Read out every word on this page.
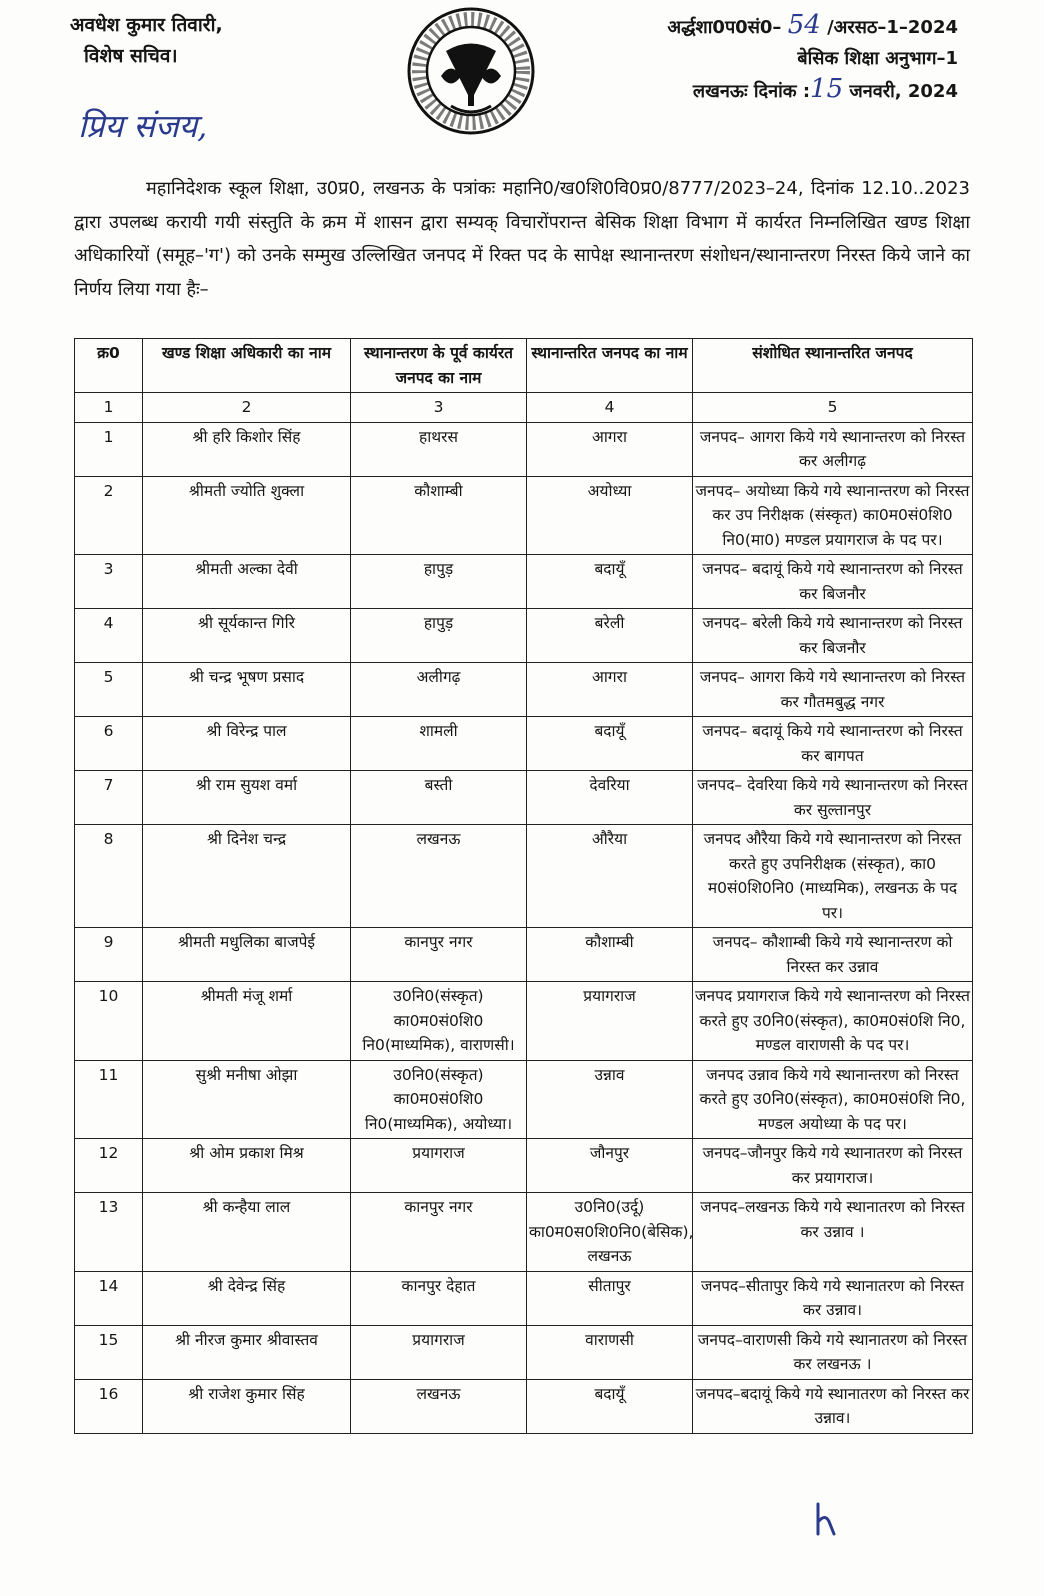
अवधेश कुमार तिवारी,
विशेष सचिव।
अर्द्धशा0प0सं0– 54 /अरसठ–1–2024
बेसिक शिक्षा अनुभाग–1
लखनऊः दिनांक :15 जनवरी, 2024
प्रिय संजय,
महानिदेशक स्कूल शिक्षा, उ0प्र0, लखनऊ के पत्रांकः महानि0/ख0शि0वि0प्र0/8777/2023–24, दिनांक 12.10..2023 द्वारा उपलब्ध करायी गयी संस्तुति के क्रम में शासन द्वारा सम्यक् विचारोंपरान्त बेसिक शिक्षा विभाग में कार्यरत निम्नलिखित खण्ड शिक्षा अधिकारियों (समूह–'ग') को उनके सम्मुख उल्लिखित जनपद में रिक्त पद के सापेक्ष स्थानान्तरण संशोधन/स्थानान्तरण निरस्त किये जाने का निर्णय लिया गया हैः–
क्र0	खण्ड शिक्षा अधिकारी का नाम	स्थानान्तरण के पूर्व कार्यरत जनपद का नाम	स्थानान्तरित जनपद का नाम	संशोधित स्थानान्तरित जनपद
1	2	3	4	5
1	श्री हरि किशोर सिंह	हाथरस	आगरा	जनपद– आगरा किये गये स्थानान्तरण को निरस्त कर अलीगढ़
2	श्रीमती ज्योति शुक्ला	कौशाम्बी	अयोध्या	जनपद– अयोध्या किये गये स्थानान्तरण को निरस्त कर उप निरीक्षक (संस्कृत) का0म0सं0शि0 नि0(मा0) मण्डल प्रयागराज के पद पर।
3	श्रीमती अल्का देवी	हापुड़	बदायूँ	जनपद– बदायूं किये गये स्थानान्तरण को निरस्त कर बिजनौर
4	श्री सूर्यकान्त गिरि	हापुड़	बरेली	जनपद– बरेली किये गये स्थानान्तरण को निरस्त कर बिजनौर
5	श्री चन्द्र भूषण प्रसाद	अलीगढ़	आगरा	जनपद– आगरा किये गये स्थानान्तरण को निरस्त कर गौतमबुद्ध नगर
6	श्री विरेन्द्र पाल	शामली	बदायूँ	जनपद– बदायूं किये गये स्थानान्तरण को निरस्त कर बागपत
7	श्री राम सुयश वर्मा	बस्ती	देवरिया	जनपद– देवरिया किये गये स्थानान्तरण को निरस्त कर सुल्तानपुर
8	श्री दिनेश चन्द्र	लखनऊ	औरैया	जनपद औरैया किये गये स्थानान्तरण को निरस्त करते हुए उपनिरीक्षक (संस्कृत), का0 म0सं0शि0नि0 (माध्यमिक), लखनऊ के पद पर।
9	श्रीमती मधुलिका बाजपेई	कानपुर नगर	कौशाम्बी	जनपद– कौशाम्बी किये गये स्थानान्तरण को निरस्त कर उन्नाव
10	श्रीमती मंजू शर्मा	उ0नि0(संस्कृत) का0म0सं0शि0 नि0(माध्यमिक), वाराणसी।	प्रयागराज	जनपद प्रयागराज किये गये स्थानान्तरण को निरस्त करते हुए उ0नि0(संस्कृत), का0म0सं0शि नि0, मण्डल वाराणसी के पद पर।
11	सुश्री मनीषा ओझा	उ0नि0(संस्कृत) का0म0सं0शि0 नि0(माध्यमिक), अयोध्या।	उन्नाव	जनपद उन्नाव किये गये स्थानान्तरण को निरस्त करते हुए उ0नि0(संस्कृत), का0म0सं0शि नि0, मण्डल अयोध्या के पद पर।
12	श्री ओम प्रकाश मिश्र	प्रयागराज	जौनपुर	जनपद–जौनपुर किये गये स्थानातरण को निरस्त कर प्रयागराज।
13	श्री कन्हैया लाल	कानपुर नगर	उ0नि0(उर्दू) का0म0स0शि0नि0(बेसिक), लखनऊ	जनपद–लखनऊ किये गये स्थानातरण को निरस्त कर उन्नाव ।
14	श्री देवेन्द्र सिंह	कानपुर देहात	सीतापुर	जनपद–सीतापुर किये गये स्थानातरण को निरस्त कर उन्नाव।
15	श्री नीरज कुमार श्रीवास्तव	प्रयागराज	वाराणसी	जनपद–वाराणसी किये गये स्थानातरण को निरस्त कर लखनऊ ।
16	श्री राजेश कुमार सिंह	लखनऊ	बदायूँ	जनपद–बदायूं किये गये स्थानातरण को निरस्त कर उन्नाव।
